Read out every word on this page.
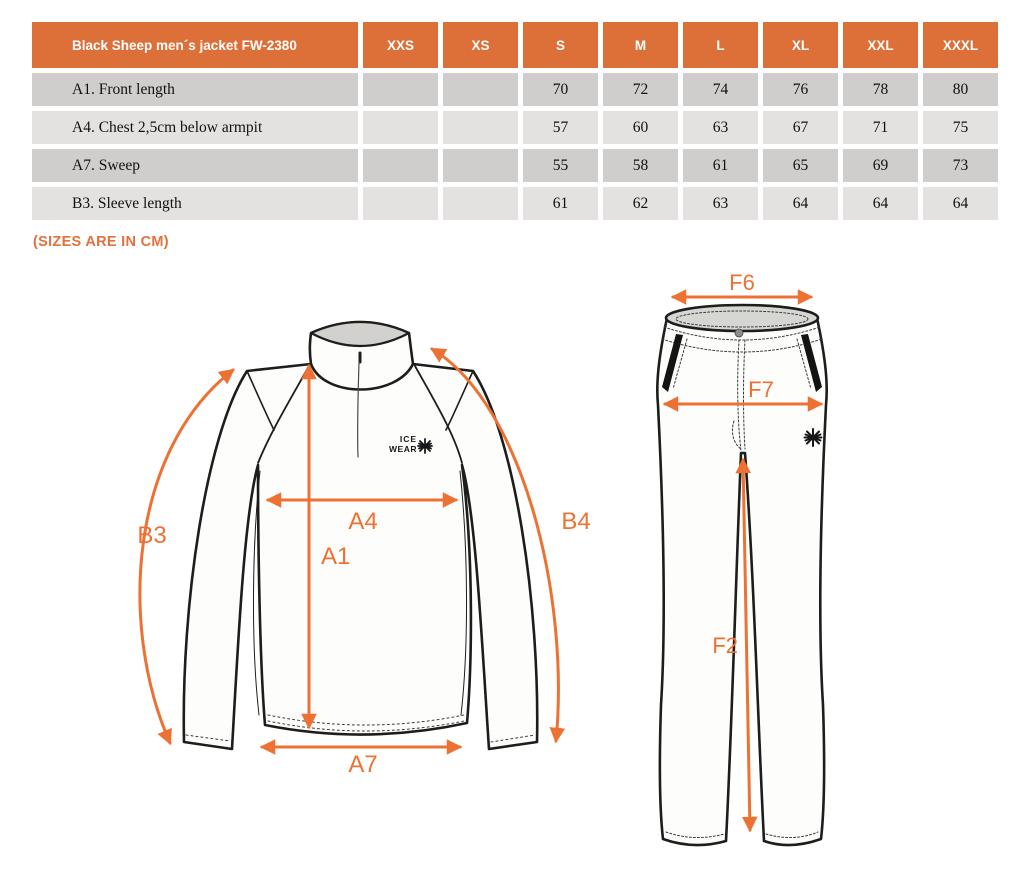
Black Sheep men´s jacket FW-2380	XXS	XS	S	M	L	XL	XXL	XXXL
A1. Front length			70	72	74	76	78	80
A4. Chest 2,5cm below armpit			57	60	63	67	71	75
A7. Sweep			55	58	61	65	69	73
B3. Sleeve length			61	62	63	64	64	64
(SIZES ARE IN CM)
ICE
WEAR
B3
A4
A1
B4
A7
F6
F7
F2
